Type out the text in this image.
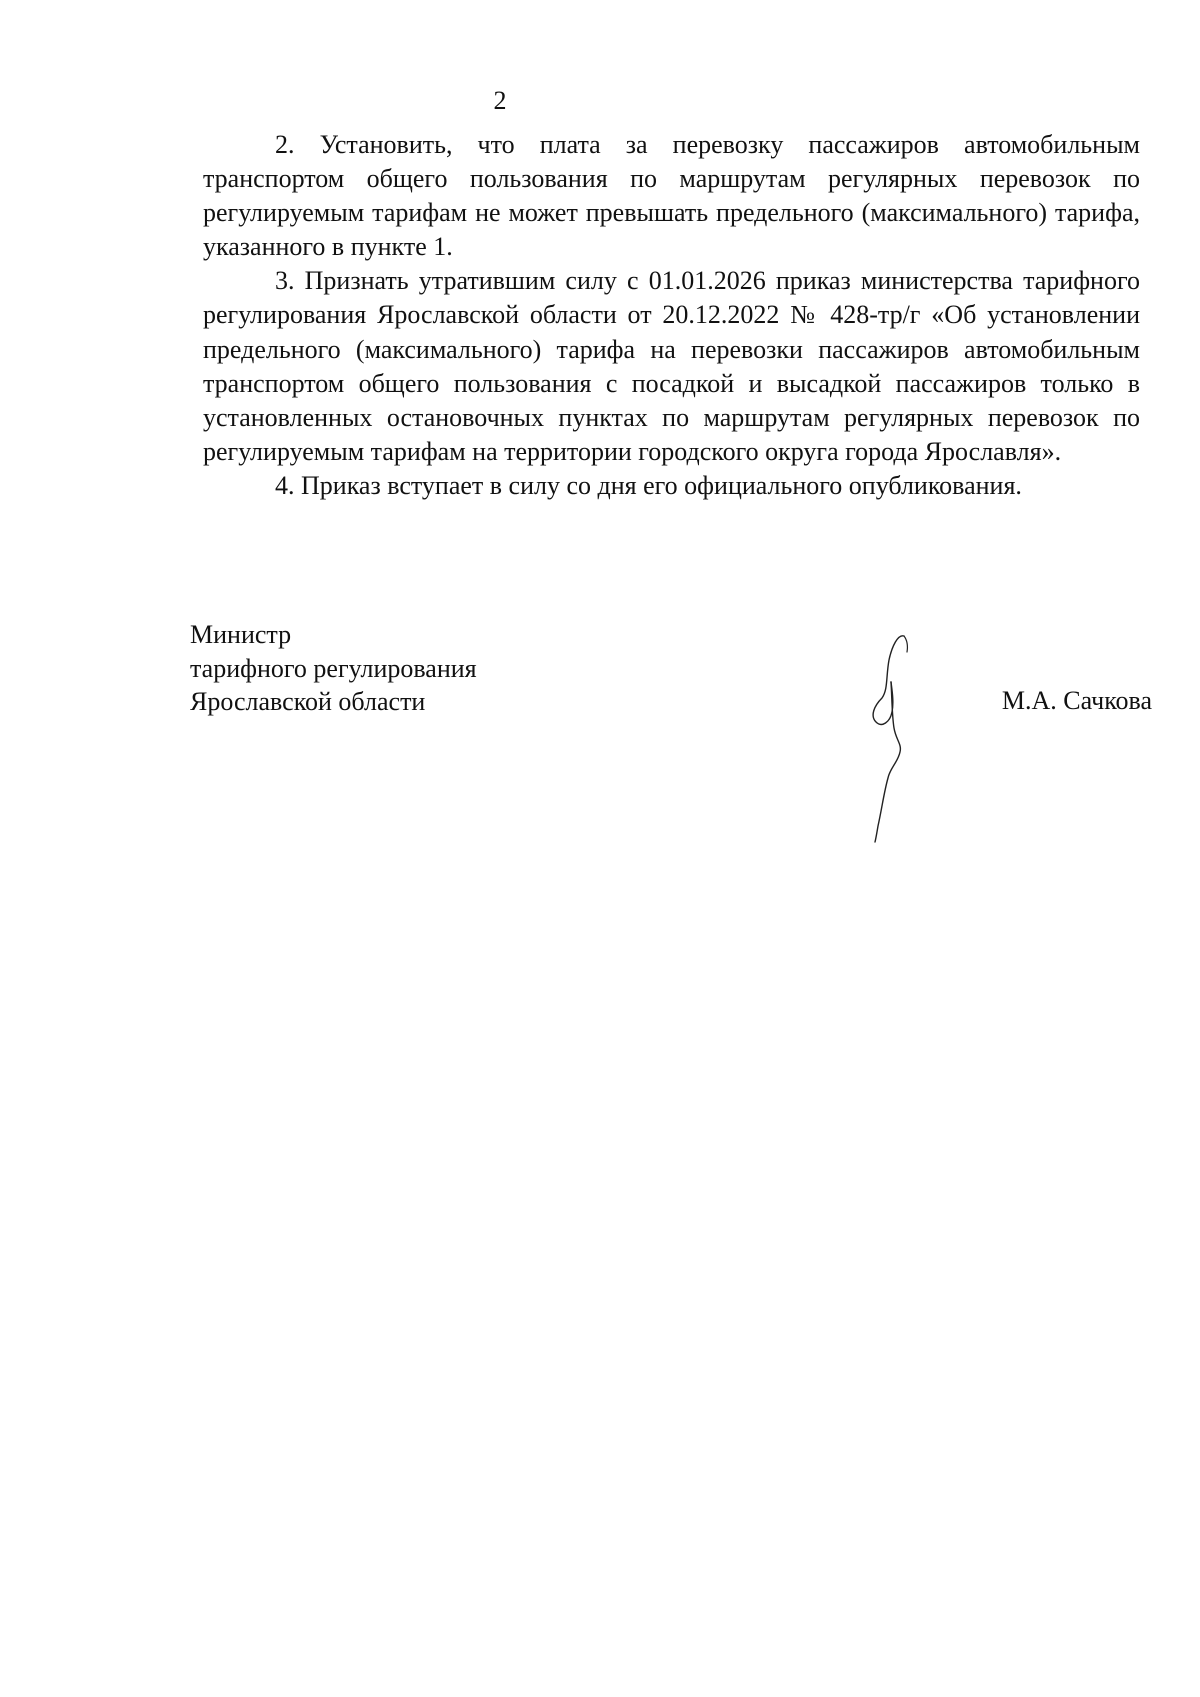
2

2. Установить, что плата за перевозку пассажиров автомобильным транспортом общего пользования по маршрутам регулярных перевозок по регулируемым тарифам не может превышать предельного (максимального) тарифа, указанного в пункте 1.

3. Признать утратившим силу с 01.01.2026 приказ министерства тарифного регулирования Ярославской области от 20.12.2022 № 428-тр/г «Об установлении предельного (максимального) тарифа на перевозки пассажиров автомобильным транспортом общего пользования с посадкой и высадкой пассажиров только в установленных остановочных пунктах по маршрутам регулярных перевозок по регулируемым тарифам на территории городского округа города Ярославля».

4. Приказ вступает в силу со дня его официального опубликования.

Министр
тарифного регулирования
Ярославской области	М.А. Сачкова
